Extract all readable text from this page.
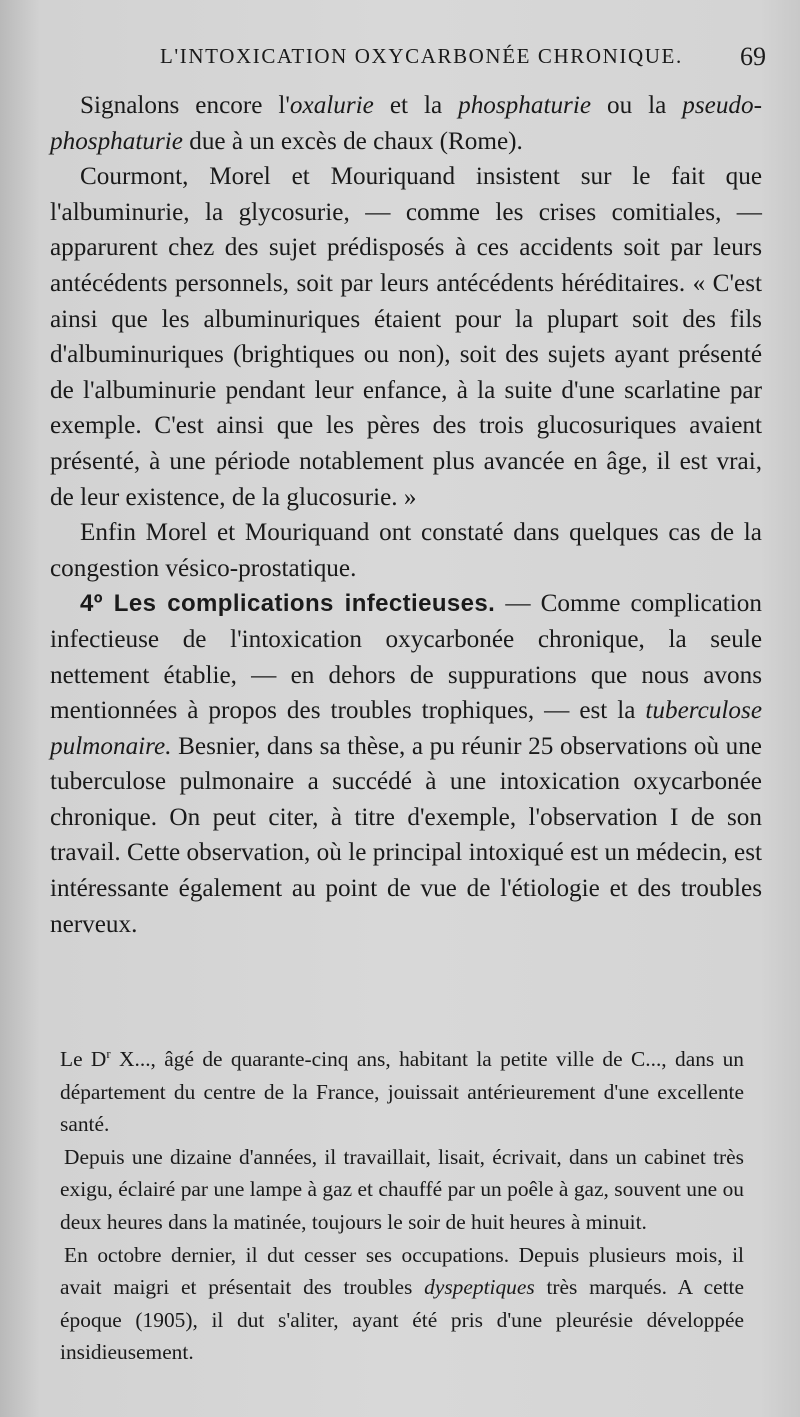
L'INTOXICATION OXYCARBONÉE CHRONIQUE. 69

Signalons encore l'oxalurie et la phosphaturie ou la pseudo-phosphaturie due à un excès de chaux (Rome).

Courmont, Morel et Mouriquand insistent sur le fait que l'albuminurie, la glycosurie, — comme les crises comitiales, — apparurent chez des sujet prédisposés à ces accidents soit par leurs antécédents personnels, soit par leurs antécédents héréditaires. « C'est ainsi que les albuminuriques étaient pour la plupart soit des fils d'albuminuriques (brightiques ou non), soit des sujets ayant présenté de l'albuminurie pendant leur enfance, à la suite d'une scarlatine par exemple. C'est ainsi que les pères des trois glucosuriques avaient présenté, à une période notablement plus avancée en âge, il est vrai, de leur existence, de la glucosurie. »

Enfin Morel et Mouriquand ont constaté dans quelques cas de la congestion vésico-prostatique.

4º Les complications infectieuses. — Comme complication infectieuse de l'intoxication oxycarbonée chronique, la seule nettement établie, — en dehors de suppurations que nous avons mentionnées à propos des troubles trophiques, — est la tuberculose pulmonaire. Besnier, dans sa thèse, a pu réunir 25 observations où une tuberculose pulmonaire a succédé à une intoxication oxycarbonée chronique. On peut citer, à titre d'exemple, l'observation I de son travail. Cette observation, où le principal intoxiqué est un médecin, est intéressante également au point de vue de l'étiologie et des troubles nerveux.

Le $D^r$ X..., âgé de quarante-cinq ans, habitant la petite ville de C..., dans un département du centre de la France, jouissait antérieurement d'une excellente santé.

Depuis une dizaine d'années, il travaillait, lisait, écrivait, dans un cabinet très exigu, éclairé par une lampe à gaz et chauffé par un poêle à gaz, souvent une ou deux heures dans la matinée, toujours le soir de huit heures à minuit.

En octobre dernier, il dut cesser ses occupations. Depuis plusieurs mois, il avait maigri et présentait des troubles dyspeptiques très marqués. A cette époque (1905), il dut s'aliter, ayant été pris d'une pleurésie développée insidieusement.
